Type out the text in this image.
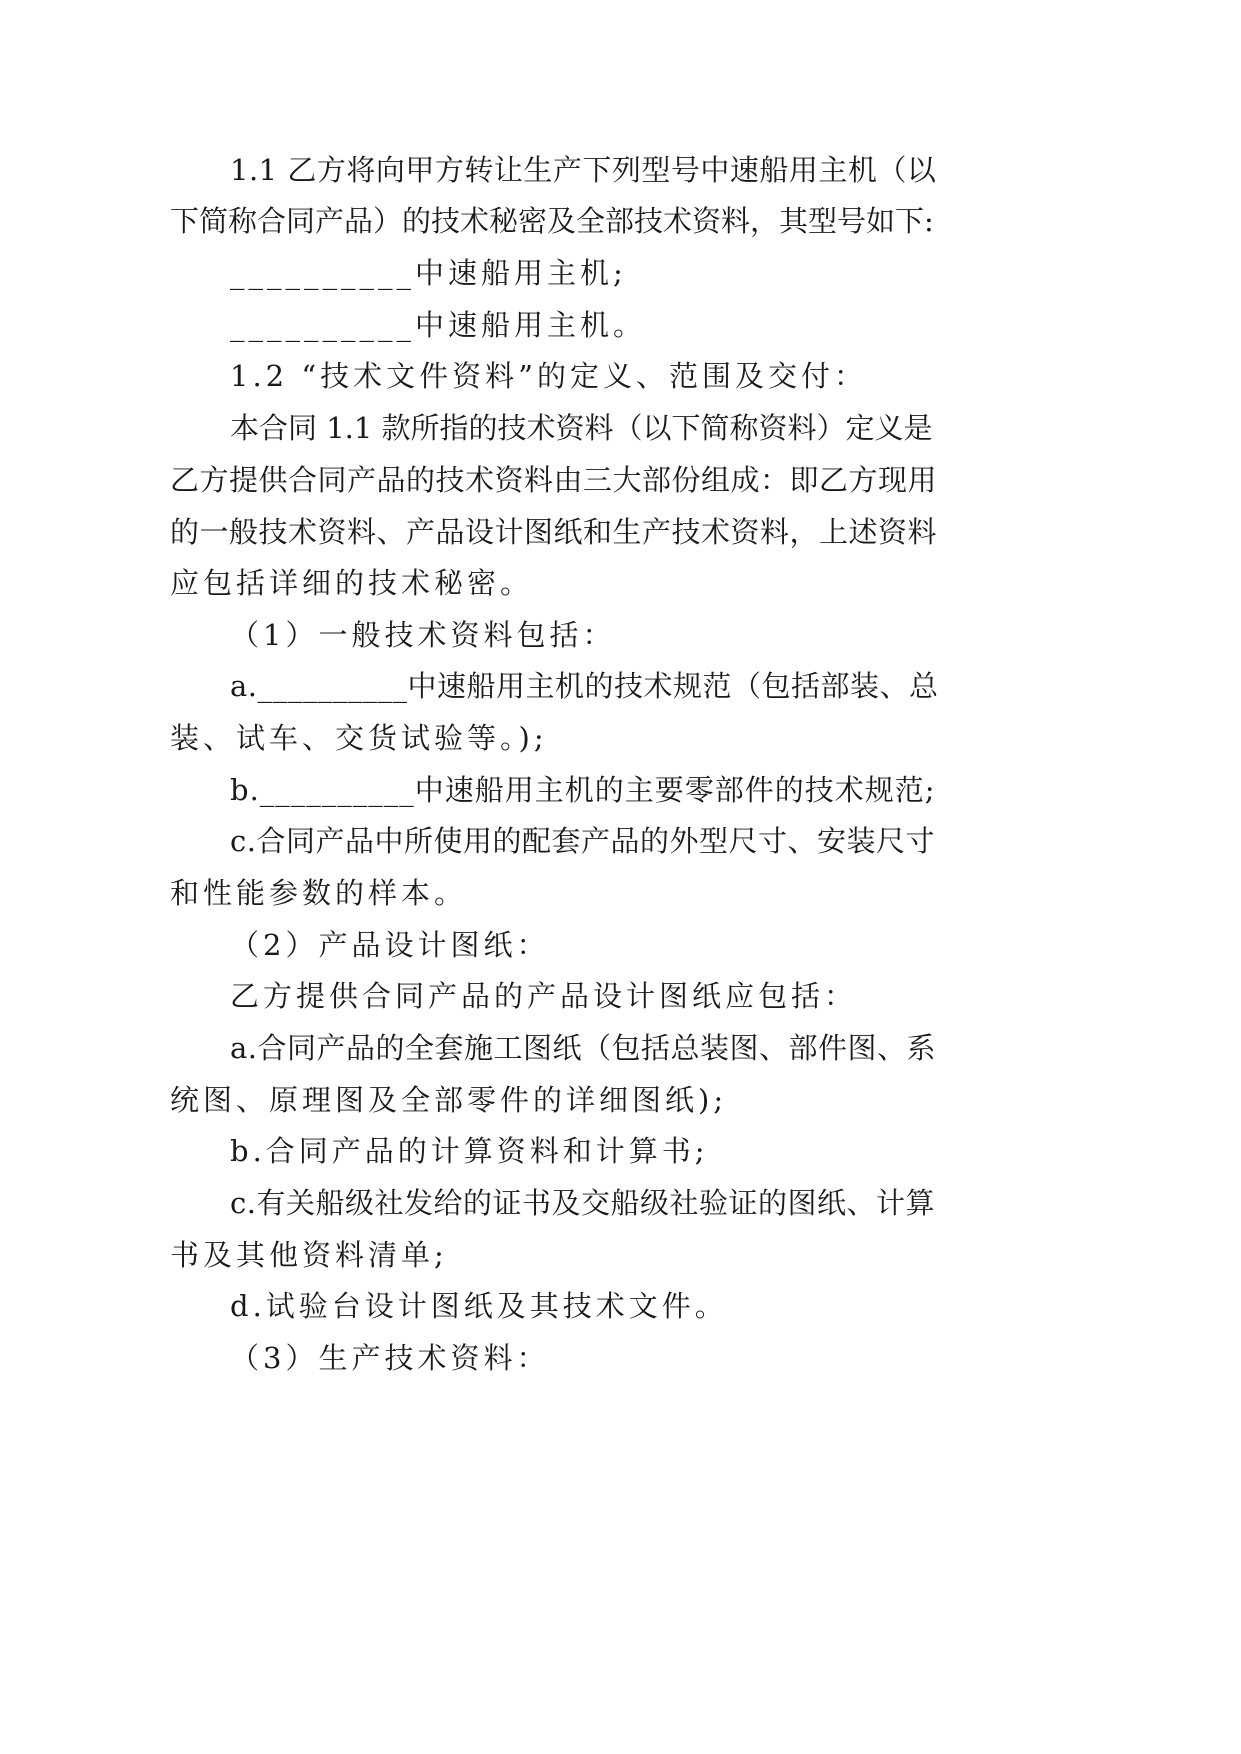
1.1 乙方将向甲方转让生产下列型号中速船用主机（以
下简称合同产品）的技术秘密及全部技术资料，其型号如下:
__________中速船用主机;
__________中速船用主机。
1.2 “技术文件资料”的定义、范围及交付：
本合同 1.1 款所指的技术资料（以下简称资料）定义是
乙方提供合同产品的技术资料由三大部份组成：即乙方现用
的一般技术资料、产品设计图纸和生产技术资料，上述资料
应包括详细的技术秘密。
（1）一般技术资料包括：
a.__________中速船用主机的技术规范（包括部装、总
装、试车、交货试验等。);
b.__________中速船用主机的主要零部件的技术规范;
c.合同产品中所使用的配套产品的外型尺寸、安装尺寸
和性能参数的样本。
（2）产品设计图纸：
乙方提供合同产品的产品设计图纸应包括：
a.合同产品的全套施工图纸（包括总装图、部件图、系
统图、原理图及全部零件的详细图纸);
b.合同产品的计算资料和计算书;
c.有关船级社发给的证书及交船级社验证的图纸、计算
书及其他资料清单;
d.试验台设计图纸及其技术文件。
（3）生产技术资料：
